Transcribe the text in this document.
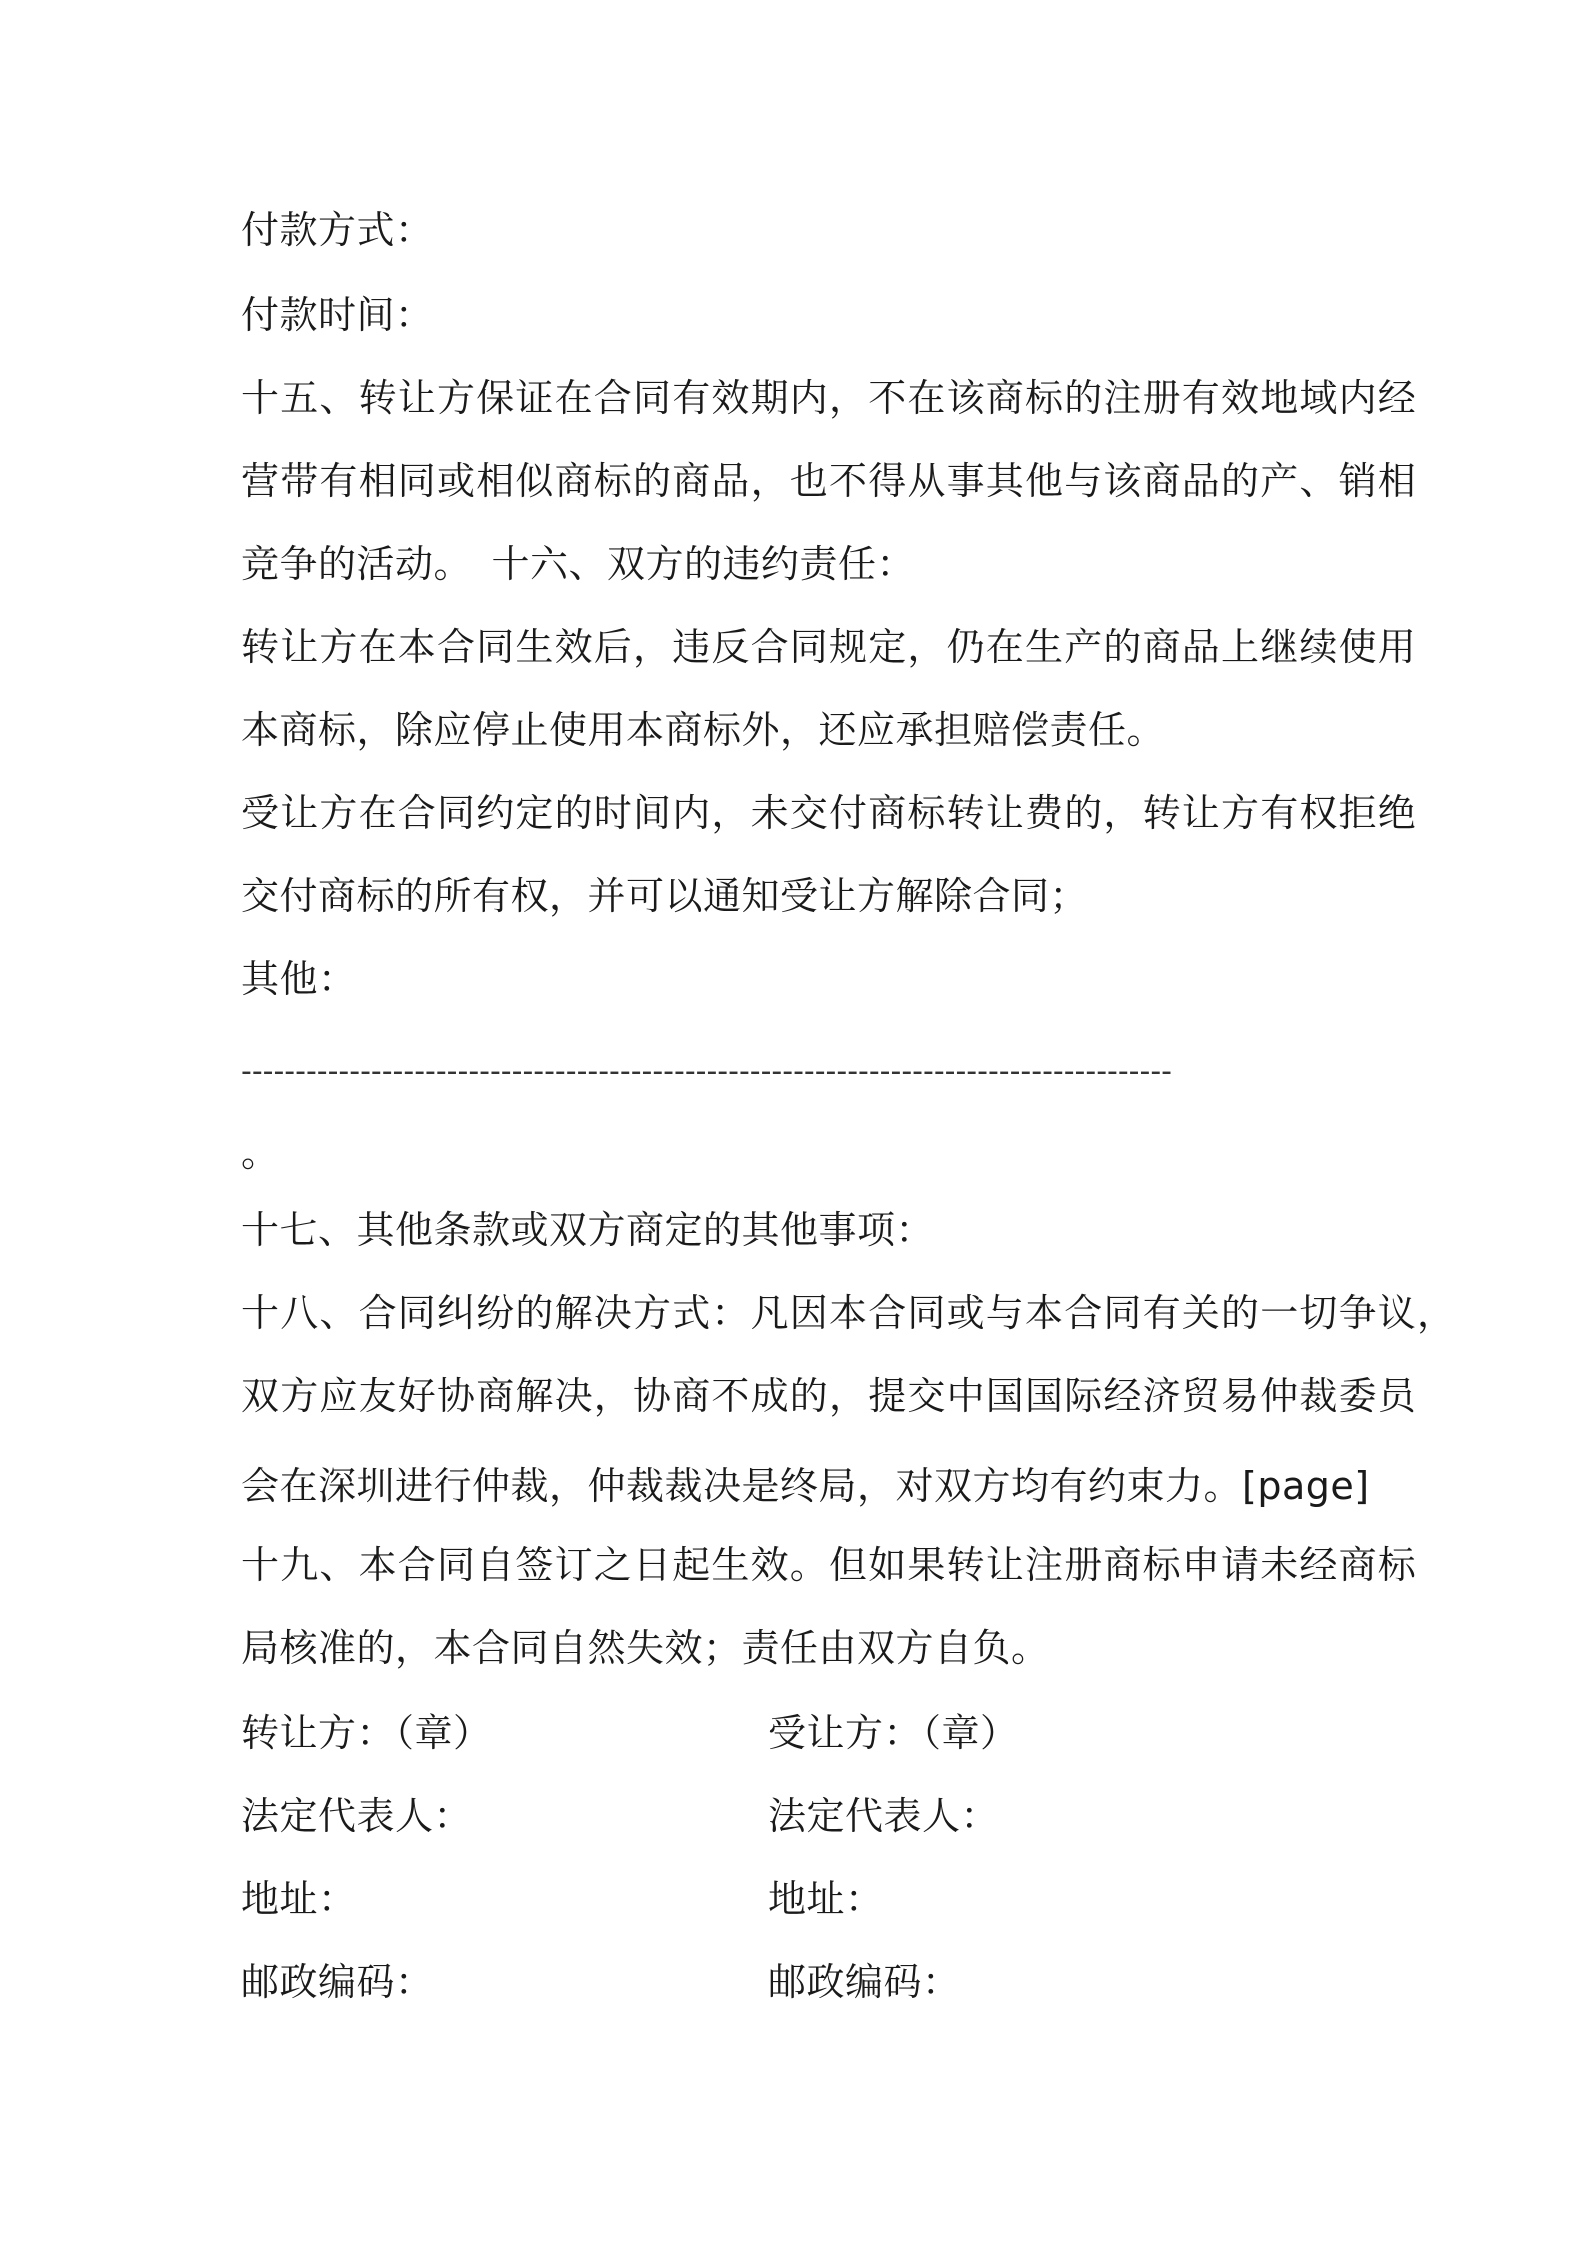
付款方式：
付款时间：
十五、转让方保证在合同有效期内，不在该商标的注册有效地域内经
营带有相同或相似商标的商品，也不得从事其他与该商品的产、销相
竞争的活动。　十六、双方的违约责任：
转让方在本合同生效后，违反合同规定，仍在生产的商品上继续使用
本商标，除应停止使用本商标外，还应承担赔偿责任。
受让方在合同约定的时间内，未交付商标转让费的，转让方有权拒绝
交付商标的所有权，并可以通知受让方解除合同；
其他：
--------------------------------------------------------------------------------------
。
十七、其他条款或双方商定的其他事项：
十八、合同纠纷的解决方式：凡因本合同或与本合同有关的一切争议，
双方应友好协商解决，协商不成的，提交中国国际经济贸易仲裁委员
会在深圳进行仲裁，仲裁裁决是终局，对双方均有约束力。[page]
十九、本合同自签订之日起生效。但如果转让注册商标申请未经商标
局核准的，本合同自然失效；责任由双方自负。
转让方：（章）	受让方：（章）
法定代表人：	法定代表人：
地址：	地址：
邮政编码：	邮政编码：
